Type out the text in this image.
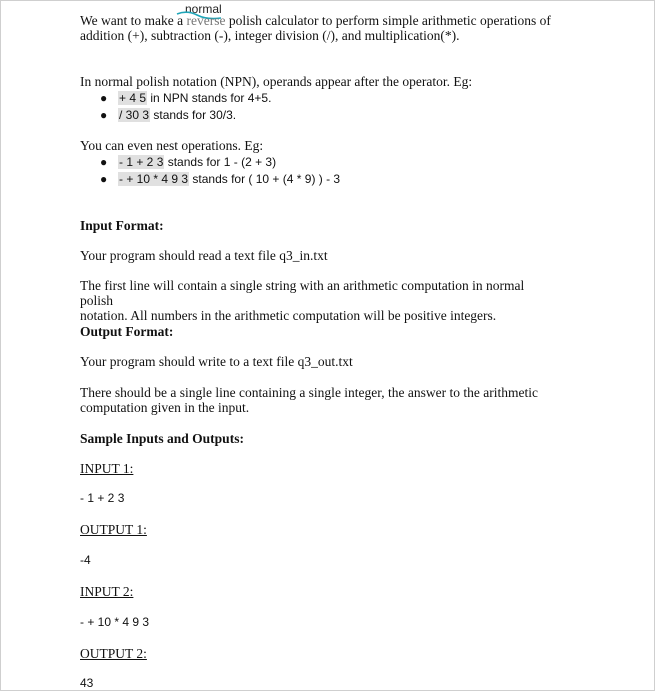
normal
We want to make a reverse polish calculator to perform simple arithmetic operations of
addition (+), subtraction (-), integer division (/), and multiplication(*).
In normal polish notation (NPN), operands appear after the operator. Eg:
● + 4 5 in NPN stands for 4+5.
● / 30 3 stands for 30/3.
You can even nest operations. Eg:
● - 1 + 2 3 stands for 1 - (2 + 3)
● - + 10 * 4 9 3 stands for ( 10 + (4 * 9) ) - 3
Input Format:
Your program should read a text file q3_in.txt
The first line will contain a single string with an arithmetic computation in normal polish
notation. All numbers in the arithmetic computation will be positive integers.
Output Format:
Your program should write to a text file q3_out.txt
There should be a single line containing a single integer, the answer to the arithmetic
computation given in the input.
Sample Inputs and Outputs:
INPUT 1:
- 1 + 2 3
OUTPUT 1:
-4
INPUT 2:
- + 10 * 4 9 3
OUTPUT 2:
43
